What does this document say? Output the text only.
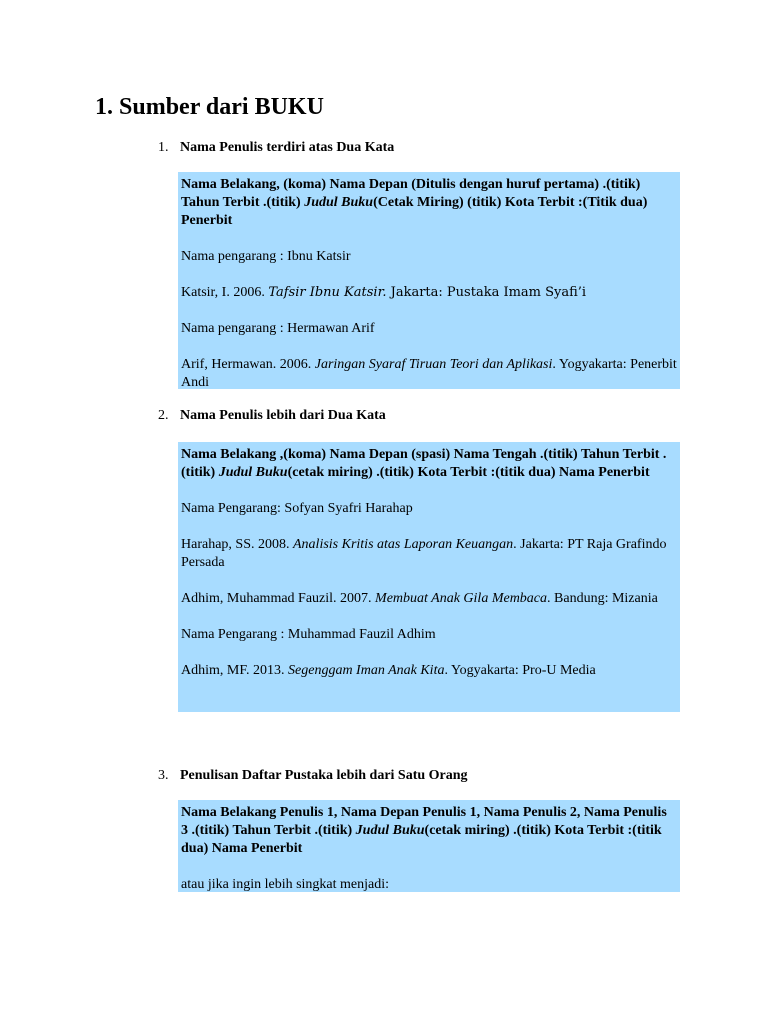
1. Sumber dari BUKU
1. Nama Penulis terdiri atas Dua Kata

Nama Belakang, (koma) Nama Depan (Ditulis dengan huruf pertama) .(titik) Tahun Terbit .(titik) Judul Buku(Cetak Miring) (titik) Kota Terbit :(Titik dua) Penerbit

Nama pengarang : Ibnu Katsir

Katsir, I. 2006. Tafsir Ibnu Katsir. Jakarta: Pustaka Imam Syafi’i

Nama pengarang : Hermawan Arif

Arif, Hermawan. 2006. Jaringan Syaraf Tiruan Teori dan Aplikasi. Yogyakarta: Penerbit Andi

2. Nama Penulis lebih dari Dua Kata

Nama Belakang ,(koma) Nama Depan (spasi) Nama Tengah .(titik) Tahun Terbit .(titik) Judul Buku(cetak miring) .(titik) Kota Terbit :(titik dua) Nama Penerbit

Nama Pengarang: Sofyan Syafri Harahap

Harahap, SS. 2008. Analisis Kritis atas Laporan Keuangan. Jakarta: PT Raja Grafindo Persada

Adhim, Muhammad Fauzil. 2007. Membuat Anak Gila Membaca. Bandung: Mizania

Nama Pengarang : Muhammad Fauzil Adhim

Adhim, MF. 2013. Segenggam Iman Anak Kita. Yogyakarta: Pro-U Media

3. Penulisan Daftar Pustaka lebih dari Satu Orang

Nama Belakang Penulis 1, Nama Depan Penulis 1, Nama Penulis 2, Nama Penulis 3 .(titik) Tahun Terbit .(titik) Judul Buku(cetak miring) .(titik) Kota Terbit :(titik dua) Nama Penerbit

atau jika ingin lebih singkat menjadi:
